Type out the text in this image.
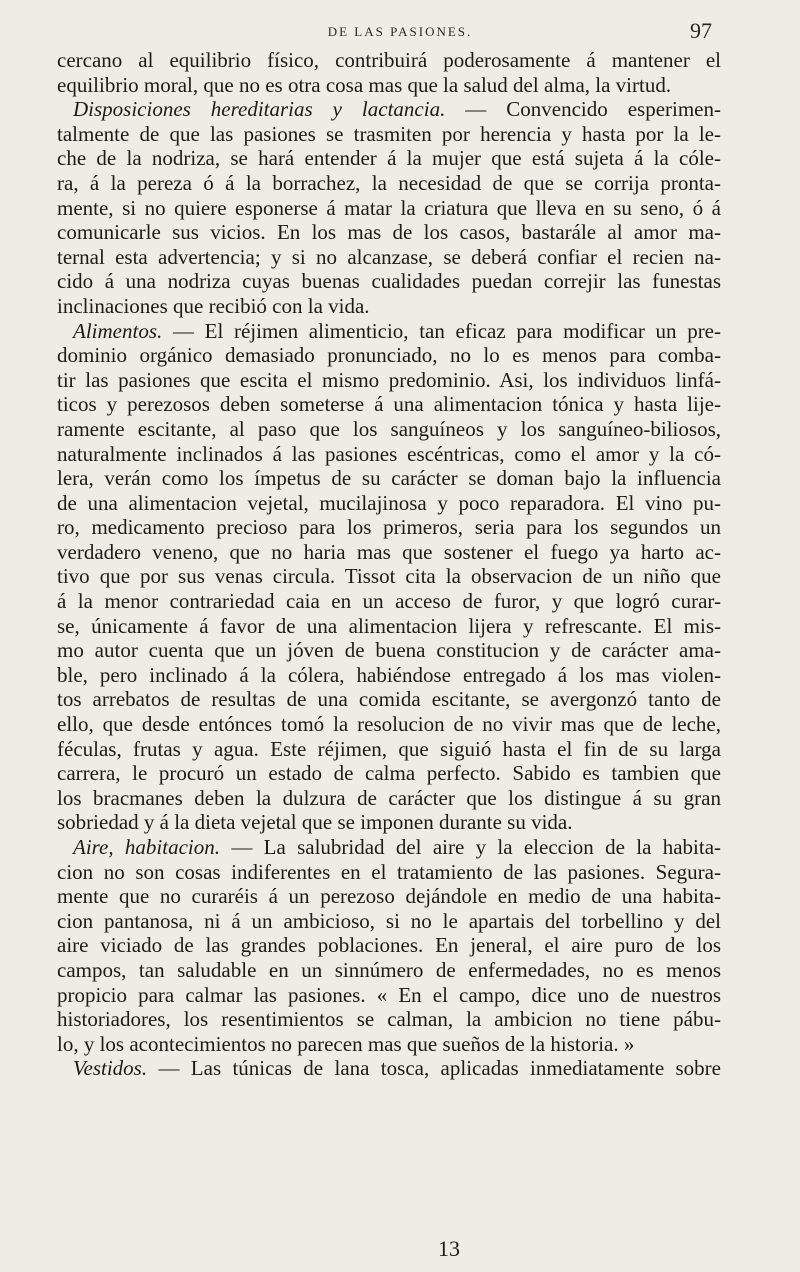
DE LAS PASIONES.	97
cercano al equilibrio físico, contribuirá poderosamente á mantener el
equilibrio moral, que no es otra cosa mas que la salud del alma, la virtud.
Disposiciones hereditarias y lactancia. — Convencido esperimen-
talmente de que las pasiones se trasmiten por herencia y hasta por la le-
che de la nodriza, se hará entender á la mujer que está sujeta á la cóle-
ra, á la pereza ó á la borrachez, la necesidad de que se corrija pronta-
mente, si no quiere esponerse á matar la criatura que lleva en su seno, ó á
comunicarle sus vicios. En los mas de los casos, bastarále al amor ma-
ternal esta advertencia; y si no alcanzase, se deberá confiar el recien na-
cido á una nodriza cuyas buenas cualidades puedan correjir las funestas
inclinaciones que recibió con la vida.
Alimentos. — El réjimen alimenticio, tan eficaz para modificar un pre-
dominio orgánico demasiado pronunciado, no lo es menos para comba-
tir las pasiones que escita el mismo predominio. Asi, los individuos linfá-
ticos y perezosos deben someterse á una alimentacion tónica y hasta lije-
ramente escitante, al paso que los sanguíneos y los sanguíneo-biliosos,
naturalmente inclinados á las pasiones escéntricas, como el amor y la có-
lera, verán como los ímpetus de su carácter se doman bajo la influencia
de una alimentacion vejetal, mucilajinosa y poco reparadora. El vino pu-
ro, medicamento precioso para los primeros, seria para los segundos un
verdadero veneno, que no haria mas que sostener el fuego ya harto ac-
tivo que por sus venas circula. Tissot cita la observacion de un niño que
á la menor contrariedad caia en un acceso de furor, y que logró curar-
se, únicamente á favor de una alimentacion lijera y refrescante. El mis-
mo autor cuenta que un jóven de buena constitucion y de carácter ama-
ble, pero inclinado á la cólera, habiéndose entregado á los mas violen-
tos arrebatos de resultas de una comida escitante, se avergonzó tanto de
ello, que desde entónces tomó la resolucion de no vivir mas que de leche,
féculas, frutas y agua. Este réjimen, que siguió hasta el fin de su larga
carrera, le procuró un estado de calma perfecto. Sabido es tambien que
los bracmanes deben la dulzura de carácter que los distingue á su gran
sobriedad y á la dieta vejetal que se imponen durante su vida.
Aire, habitacion. — La salubridad del aire y la eleccion de la habita-
cion no son cosas indiferentes en el tratamiento de las pasiones. Segura-
mente que no curaréis á un perezoso dejándole en medio de una habita-
cion pantanosa, ni á un ambicioso, si no le apartais del torbellino y del
aire viciado de las grandes poblaciones. En jeneral, el aire puro de los
campos, tan saludable en un sinnúmero de enfermedades, no es menos
propicio para calmar las pasiones. « En el campo, dice uno de nuestros
historiadores, los resentimientos se calman, la ambicion no tiene pábu-
lo, y los acontecimientos no parecen mas que sueños de la historia. »
Vestidos. — Las túnicas de lana tosca, aplicadas inmediatamente sobre
13
